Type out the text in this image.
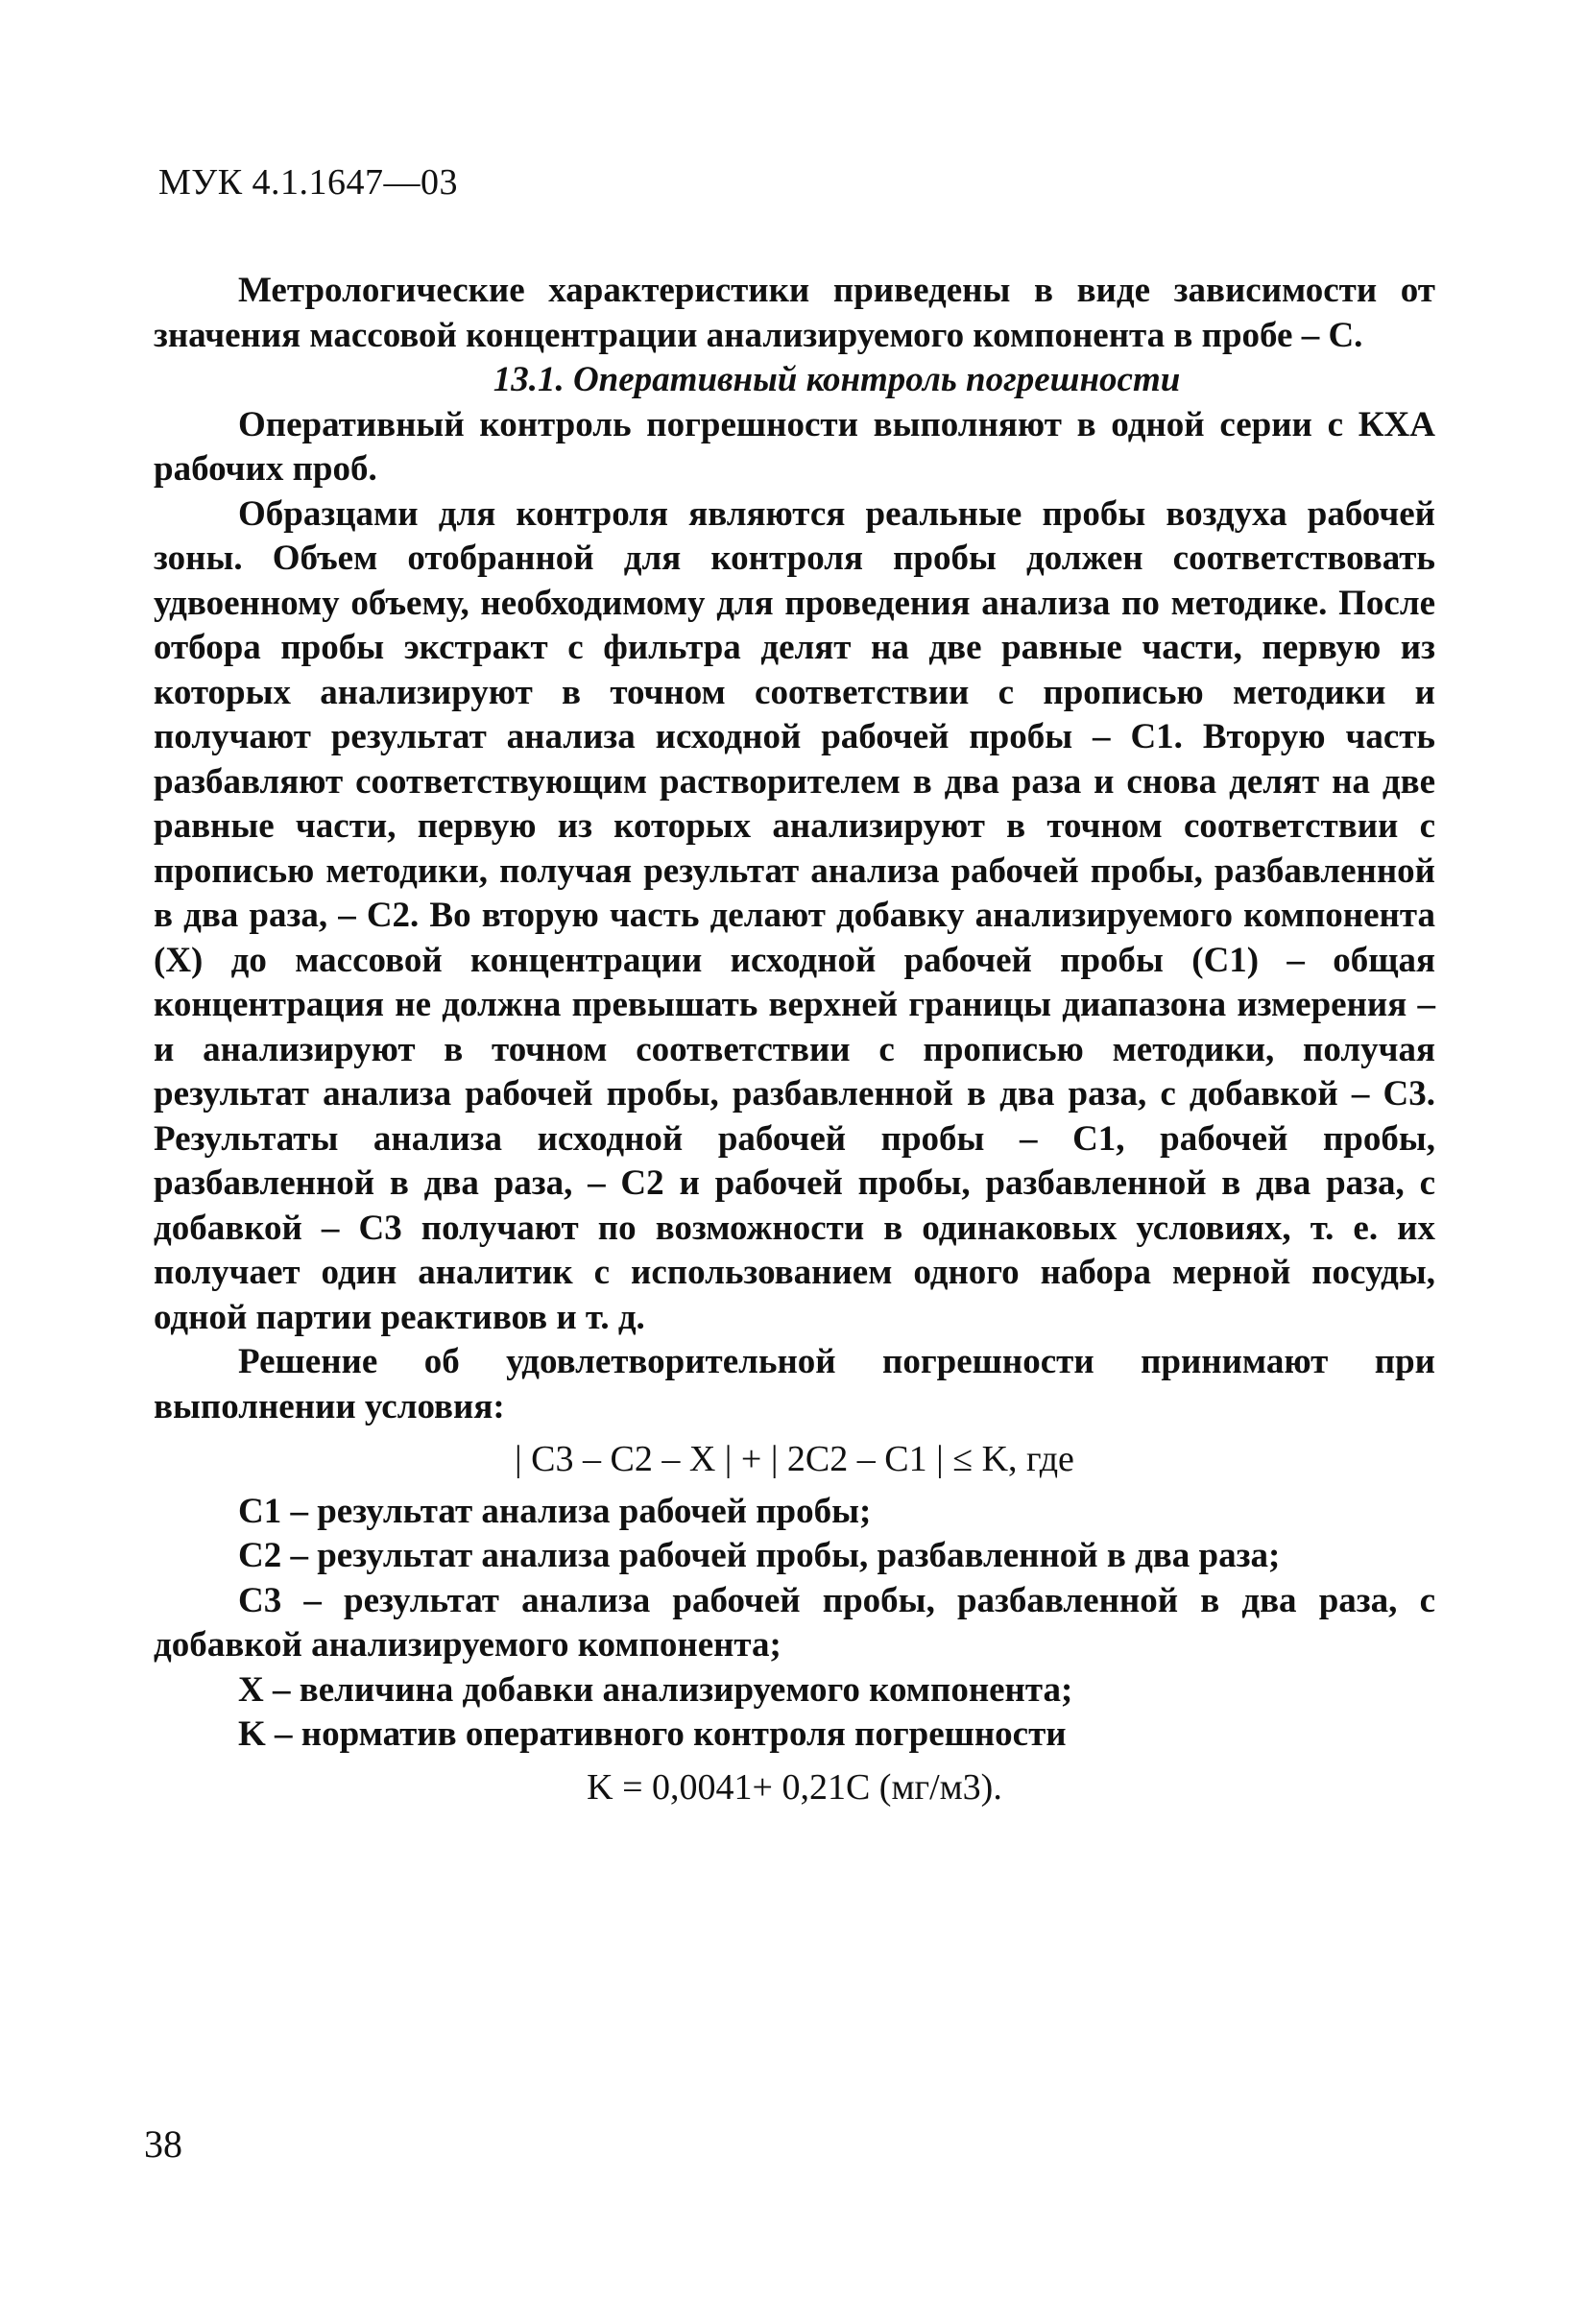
МУК 4.1.1647—03

Метрологические характеристики приведены в виде зависимости от значения массовой концентрации анализируемого компонента в пробе – C.

13.1. Оперативный контроль погрешности

Оперативный контроль погрешности выполняют в одной серии с КХА рабочих проб.

Образцами для контроля являются реальные пробы воздуха рабочей зоны. Объем отобранной для контроля пробы должен соответствовать удвоенному объему, необходимому для проведения анализа по методике. После отбора пробы экстракт с фильтра делят на две равные части, первую из которых анализируют в точном соответствии с прописью методики и получают результат анализа исходной рабочей пробы – C1. Вторую часть разбавляют соответствующим растворителем в два раза и снова делят на две равные части, первую из которых анализируют в точном соответствии с прописью методики, получая результат анализа рабочей пробы, разбавленной в два раза, – C2. Во вторую часть делают добавку анализируемого компонента (X) до массовой концентрации исходной рабочей пробы (C1) – общая концентрация не должна превышать верхней границы диапазона измерения – и анализируют в точном соответствии с прописью методики, получая результат анализа рабочей пробы, разбавленной в два раза, с добавкой – C3. Результаты анализа исходной рабочей пробы – C1, рабочей пробы, разбавленной в два раза, – C2 и рабочей пробы, разбавленной в два раза, с добавкой – C3 получают по возможности в одинаковых условиях, т. е. их получает один аналитик с использованием одного набора мерной посуды, одной партии реактивов и т. д.

Решение об удовлетворительной погрешности принимают при выполнении условия:

| C3 – C2 – X | + | 2C2 – C1 | ≤ K, где

C1 – результат анализа рабочей пробы;

C2 – результат анализа рабочей пробы, разбавленной в два раза;

C3 – результат анализа рабочей пробы, разбавленной в два раза, с добавкой анализируемого компонента;

X – величина добавки анализируемого компонента;

K – норматив оперативного контроля погрешности

K = 0,0041+ 0,21C (мг/м3).
38
